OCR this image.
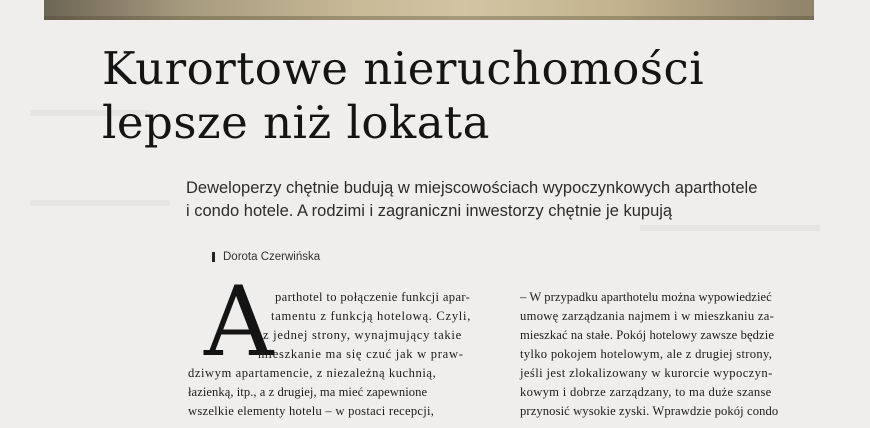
Kurortowe nieruchomości
lepsze niż lokata

Deweloperzy chętnie budują w miejscowościach wypoczynkowych aparthotele
i condo hotele. A rodzimi i zagraniczni inwestorzy chętnie je kupują

Dorota Czerwińska
A parthotel to połączenie funkcji apar-
tamentu z funkcją hotelową. Czyli,
z jednej strony, wynajmujący takie
mieszkanie ma się czuć jak w praw-
dziwym apartamencie, z niezależną kuchnią,
łazienką, itp., a z drugiej, ma mieć zapewnione
wszelkie elementy hotelu – w postaci recepcji,
– W przypadku aparthotelu można wypowiedzieć
umowę zarządzania najmem i w mieszkaniu za-
mieszkać na stałe. Pokój hotelowy zawsze będzie
tylko pokojem hotelowym, ale z drugiej strony,
jeśli jest zlokalizowany w kurorcie wypoczyn-
kowym i dobrze zarządzany, to ma duże szanse
przynosić wysokie zyski. Wprawdzie pokój condo
